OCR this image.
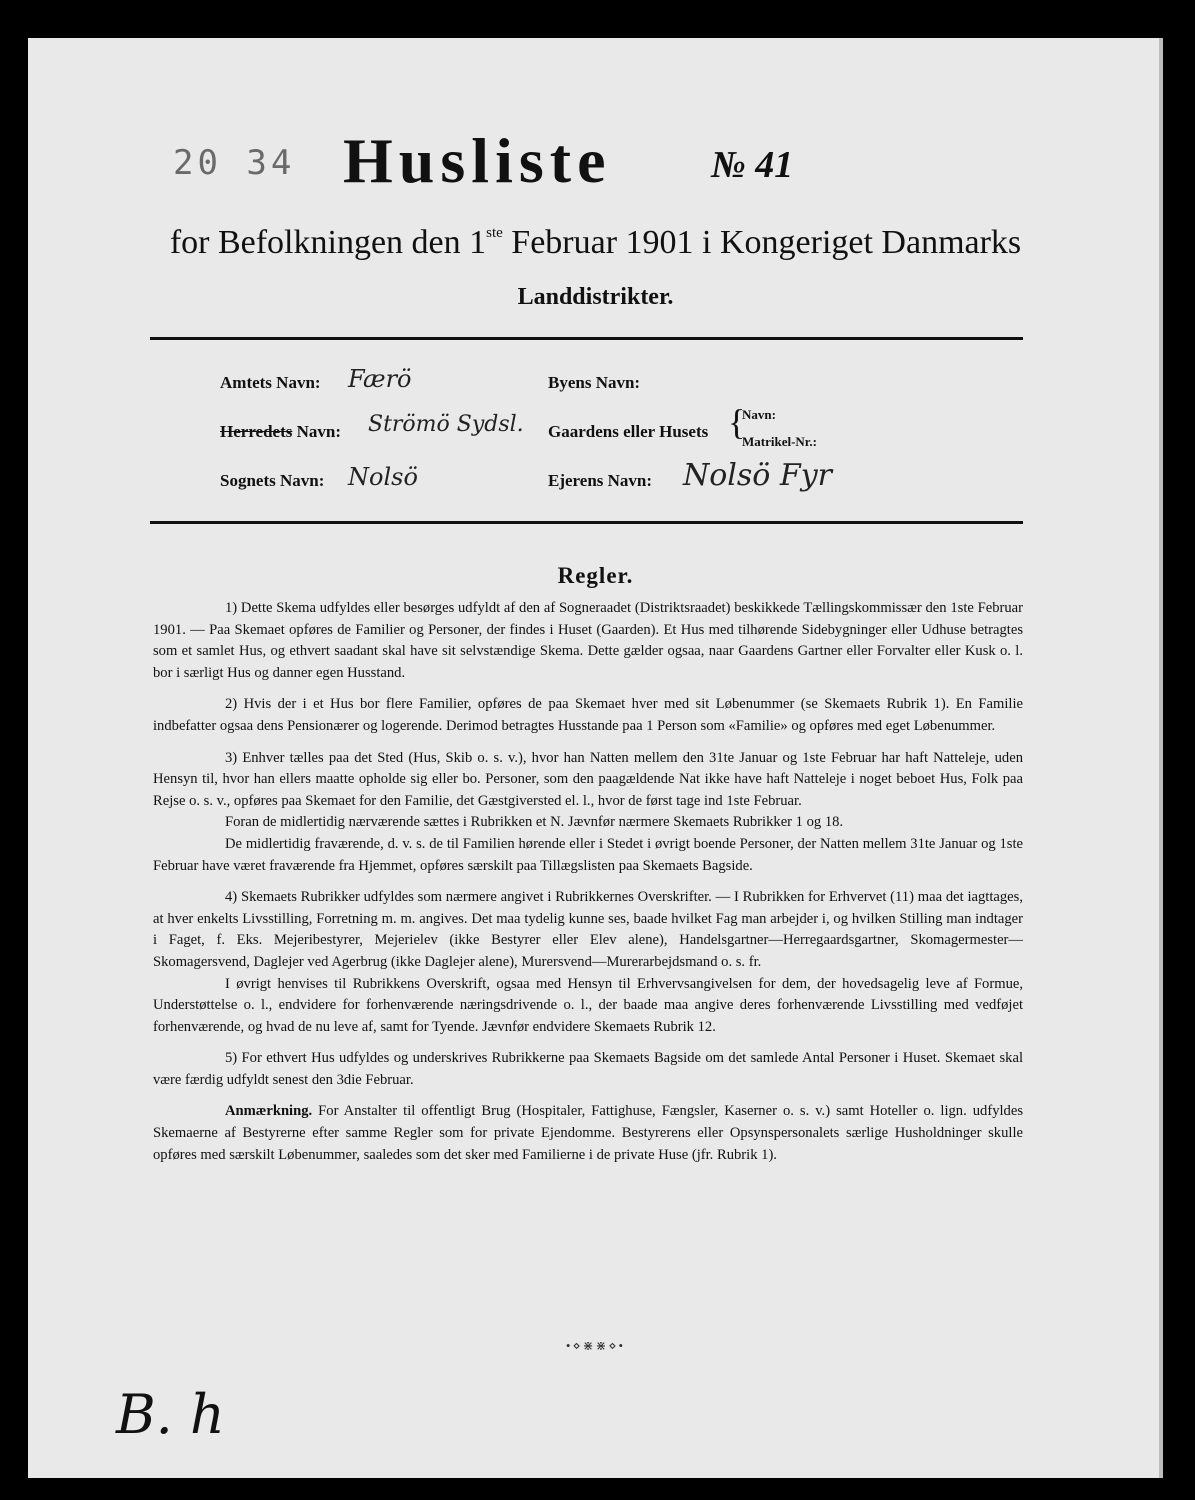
20 34 Husliste	№ 41
for Befolkningen den 1ste Februar 1901 i Kongeriget Danmarks
Landdistrikter.
Amtets Navn: Færö
Herredets Navn: Strömö Sydsl.
Sognets Navn: Nolsö
Byens Navn:
Gaardens eller Husets {
Navn:
Matrikel-Nr.:
Ejerens Navn: Nolsö Fyr
Regler.

1) Dette Skema udfyldes eller besørges udfyldt af den af Sogneraadet (Distriktsraadet) beskikkede Tællingskommissær den 1ste Februar 1901. — Paa Skemaet opføres de Familier og Personer, der findes i Huset (Gaarden). Et Hus med tilhørende Sidebygninger eller Udhuse betragtes som et samlet Hus, og ethvert saadant skal have sit selvstændige Skema. Dette gælder ogsaa, naar Gaardens Gartner eller Forvalter eller Kusk o. l. bor i særligt Hus og danner egen Husstand.

2) Hvis der i et Hus bor flere Familier, opføres de paa Skemaet hver med sit Løbenummer (se Skemaets Rubrik 1). En Familie indbefatter ogsaa dens Pensionærer og logerende. Derimod betragtes Husstande paa 1 Person som «Familie» og opføres med eget Løbenummer.

3) Enhver tælles paa det Sted (Hus, Skib o. s. v.), hvor han Natten mellem den 31te Januar og 1ste Februar har haft Natteleje, uden Hensyn til, hvor han ellers maatte opholde sig eller bo. Personer, som den paagældende Nat ikke have haft Natteleje i noget beboet Hus, Folk paa Rejse o. s. v., opføres paa Skemaet for den Familie, det Gæstgiversted el. l., hvor de først tage ind 1ste Februar.

Foran de midlertidig nærværende sættes i Rubrikken et N. Jævnfør nærmere Skemaets Rubrikker 1 og 18.

De midlertidig fraværende, d. v. s. de til Familien hørende eller i Stedet i øvrigt boende Personer, der Natten mellem 31te Januar og 1ste Februar have været fraværende fra Hjemmet, opføres særskilt paa Tillægslisten paa Skemaets Bagside.

4) Skemaets Rubrikker udfyldes som nærmere angivet i Rubrikkernes Overskrifter. — I Rubrikken for Erhvervet (11) maa det iagttages, at hver enkelts Livsstilling, Forretning m. m. angives. Det maa tydelig kunne ses, baade hvilket Fag man arbejder i, og hvilken Stilling man indtager i Faget, f. Eks. Mejeribestyrer, Mejerielev (ikke Bestyrer eller Elev alene), Handelsgartner—Herregaardsgartner, Skomagermester—Skomagersvend, Daglejer ved Agerbrug (ikke Daglejer alene), Murersvend—Murerarbejdsmand o. s. fr.

I øvrigt henvises til Rubrikkens Overskrift, ogsaa med Hensyn til Erhvervsangivelsen for dem, der hovedsagelig leve af Formue, Understøttelse o. l., endvidere for forhenværende næringsdrivende o. l., der baade maa angive deres forhenværende Livsstilling med vedføjet forhenværende, og hvad de nu leve af, samt for Tyende. Jævnfør endvidere Skemaets Rubrik 12.

5) For ethvert Hus udfyldes og underskrives Rubrikkerne paa Skemaets Bagside om det samlede Antal Personer i Huset. Skemaet skal være færdig udfyldt senest den 3die Februar.

Anmærkning. For Anstalter til offentligt Brug (Hospitaler, Fattighuse, Fængsler, Kaserner o. s. v.) samt Hoteller o. lign. udfyldes Skemaerne af Bestyrerne efter samme Regler som for private Ejendomme. Bestyrerens eller Opsynspersonalets særlige Husholdninger skulle opføres med særskilt Løbenummer, saaledes som det sker med Familierne i de private Huse (jfr. Rubrik 1).

•⋄⋇⋇⋄•
B. h
